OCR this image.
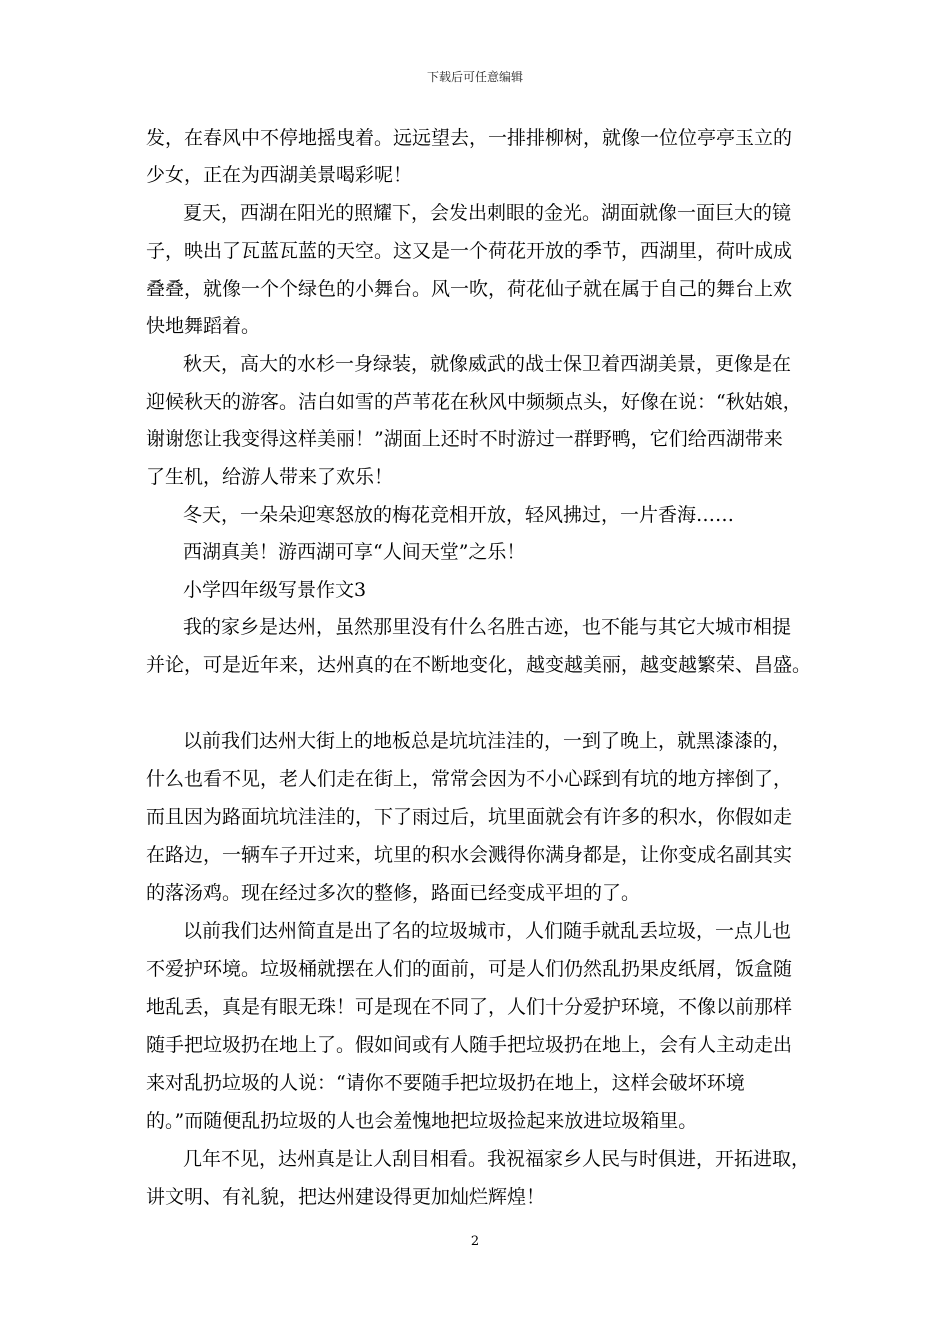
下载后可任意编辑
发，在春风中不停地摇曳着。远远望去，一排排柳树，就像一位位亭亭玉立的
少女，正在为西湖美景喝彩呢！
夏天，西湖在阳光的照耀下，会发出刺眼的金光。湖面就像一面巨大的镜
子，映出了瓦蓝瓦蓝的天空。这又是一个荷花开放的季节，西湖里，荷叶成成
叠叠，就像一个个绿色的小舞台。风一吹，荷花仙子就在属于自己的舞台上欢
快地舞蹈着。
秋天，高大的水杉一身绿装，就像威武的战士保卫着西湖美景，更像是在
迎候秋天的游客。洁白如雪的芦苇花在秋风中频频点头，好像在说：“秋姑娘，
谢谢您让我变得这样美丽！”湖面上还时不时游过一群野鸭，它们给西湖带来
了生机，给游人带来了欢乐！
冬天，一朵朵迎寒怒放的梅花竞相开放，轻风拂过，一片香海……
西湖真美！游西湖可享“人间天堂”之乐！
小学四年级写景作文3
我的家乡是达州，虽然那里没有什么名胜古迹，也不能与其它大城市相提
并论，可是近年来，达州真的在不断地变化，越变越美丽，越变越繁荣、昌盛。
以前我们达州大街上的地板总是坑坑洼洼的，一到了晚上，就黑漆漆的，
什么也看不见，老人们走在街上，常常会因为不小心踩到有坑的地方摔倒了，
而且因为路面坑坑洼洼的，下了雨过后，坑里面就会有许多的积水，你假如走
在路边，一辆车子开过来，坑里的积水会溅得你满身都是，让你变成名副其实
的落汤鸡。现在经过多次的整修，路面已经变成平坦的了。
以前我们达州简直是出了名的垃圾城市，人们随手就乱丢垃圾，一点儿也
不爱护环境。垃圾桶就摆在人们的面前，可是人们仍然乱扔果皮纸屑，饭盒随
地乱丢，真是有眼无珠！可是现在不同了，人们十分爱护环境，不像以前那样
随手把垃圾扔在地上了。假如间或有人随手把垃圾扔在地上，会有人主动走出
来对乱扔垃圾的人说：“请你不要随手把垃圾扔在地上，这样会破坏环境
的。”而随便乱扔垃圾的人也会羞愧地把垃圾捡起来放进垃圾箱里。
几年不见，达州真是让人刮目相看。我祝福家乡人民与时俱进，开拓进取，
讲文明、有礼貌，把达州建设得更加灿烂辉煌！
2
